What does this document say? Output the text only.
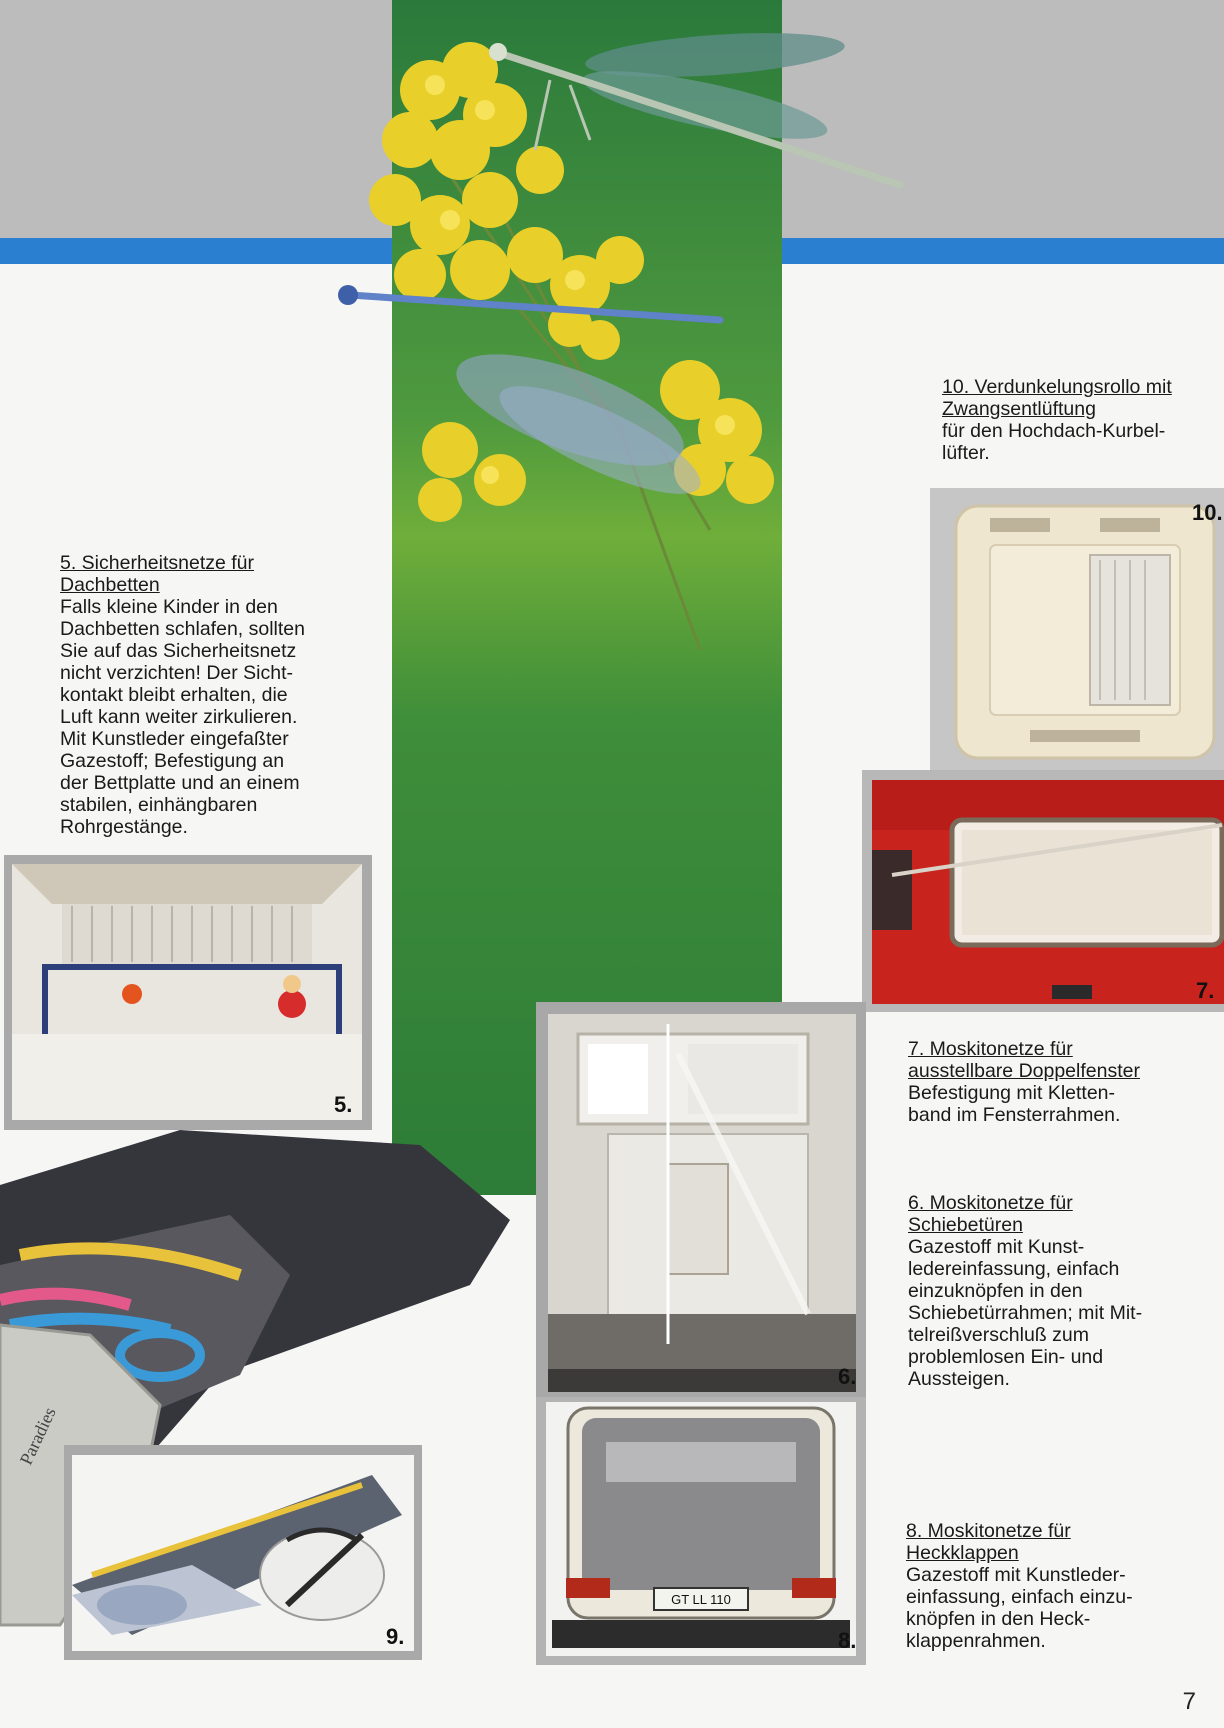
10. Verdunkelungsrollo mit
Zwangsentlüftung
für den Hochdach-Kurbel-
lüfter.
10.
7.
5. Sicherheitsnetze für
Dachbetten
Falls kleine Kinder in den
Dachbetten schlafen, sollten
Sie auf das Sicherheitsnetz
nicht verzichten! Der Sicht-
kontakt bleibt erhalten, die
Luft kann weiter zirkulieren.
Mit Kunstleder eingefaßter
Gazestoff; Befestigung an
der Bettplatte und an einem
stabilen, einhängbaren
Rohrgestänge.
5.
Paradies
9.
6.
GT LL 110
8.
7. Moskitonetze für
ausstellbare Doppelfenster
Befestigung mit Kletten-
band im Fensterrahmen.
6. Moskitonetze für
Schiebetüren
Gazestoff mit Kunst-
ledereinfassung, einfach
einzuknöpfen in den
Schiebetürrahmen; mit Mit-
telreißverschluß zum
problemlosen Ein- und
Aussteigen.
8. Moskitonetze für
Heckklappen
Gazestoff mit Kunstleder-
einfassung, einfach einzu-
knöpfen in den Heck-
klappenrahmen.
7
